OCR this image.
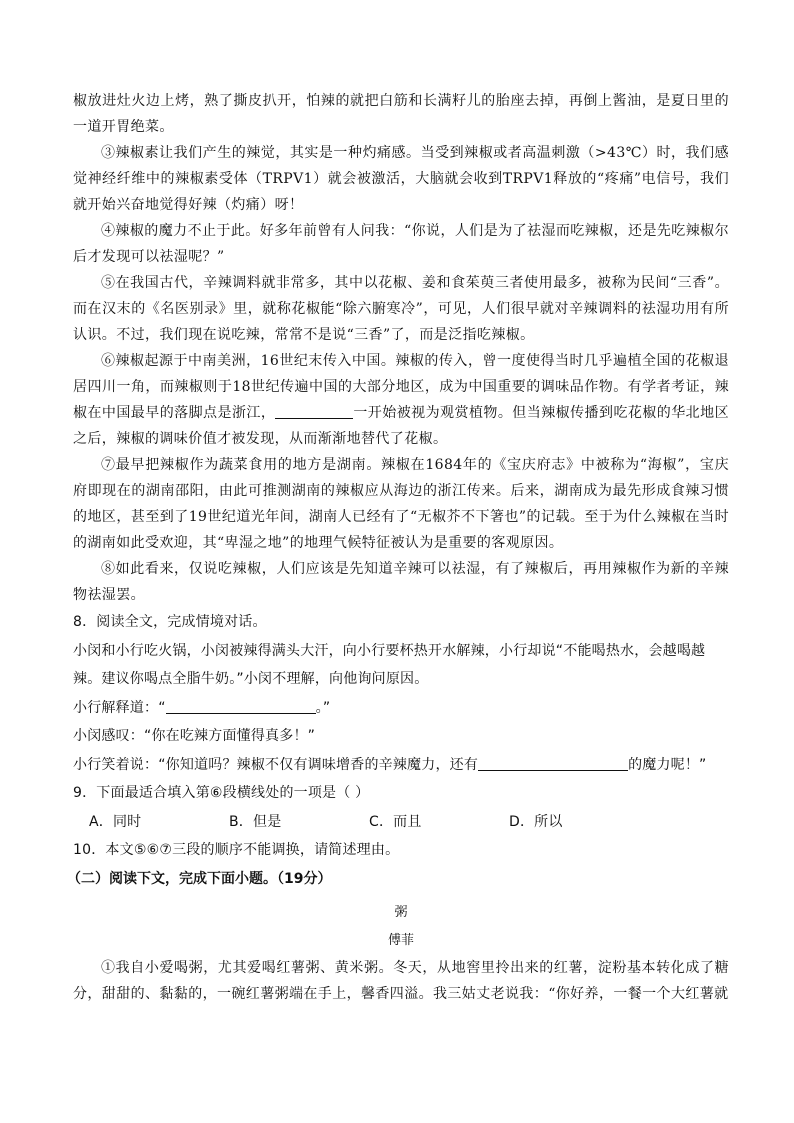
椒放进灶火边上烤，熟了撕皮扒开，怕辣的就把白筋和长满籽儿的胎座去掉，再倒上酱油，是夏日里的一道开胃绝菜。

③辣椒素让我们产生的辣觉，其实是一种灼痛感。当受到辣椒或者高温刺激（>43℃）时，我们感觉神经纤维中的辣椒素受体（TRPV1）就会被激活，大脑就会收到TRPV1释放的“疼痛”电信号，我们就开始兴奋地觉得好辣（灼痛）呀！

④辣椒的魔力不止于此。好多年前曾有人问我：“你说，人们是为了祛湿而吃辣椒，还是先吃辣椒尔后才发现可以祛湿呢？”

⑤在我国古代，辛辣调料就非常多，其中以花椒、姜和食茱萸三者使用最多，被称为民间“三香”。而在汉末的《名医别录》里，就称花椒能“除六腑寒冷”，可见，人们很早就对辛辣调料的祛湿功用有所认识。不过，我们现在说吃辣，常常不是说“三香”了，而是泛指吃辣椒。

⑥辣椒起源于中南美洲，16世纪末传入中国。辣椒的传入，曾一度使得当时几乎遍植全国的花椒退居四川一角，而辣椒则于18世纪传遍中国的大部分地区，成为中国重要的调味品作物。有学者考证，辣椒在中国最早的落脚点是浙江，	一开始被视为观赏植物。但当辣椒传播到吃花椒的华北地区之后，辣椒的调味价值才被发现，从而渐渐地替代了花椒。

⑦最早把辣椒作为蔬菜食用的地方是湖南。辣椒在1684年的《宝庆府志》中被称为“海椒”，宝庆府即现在的湖南邵阳，由此可推测湖南的辣椒应从海边的浙江传来。后来，湖南成为最先形成食辣习惯的地区，甚至到了19世纪道光年间，湖南人已经有了“无椒芥不下箸也”的记载。至于为什么辣椒在当时的湖南如此受欢迎，其“卑湿之地”的地理气候特征被认为是重要的客观原因。

⑧如此看来，仅说吃辣椒，人们应该是先知道辛辣可以祛湿，有了辣椒后，再用辣椒作为新的辛辣物祛湿罢。

8．阅读全文，完成情境对话。

小闵和小行吃火锅，小闵被辣得满头大汗，向小行要杯热开水解辣，小行却说“不能喝热水，会越喝越辣。建议你喝点全脂牛奶。”小闵不理解，向他询问原因。

小行解释道：“	。”

小闵感叹：“你在吃辣方面懂得真多！”

小行笑着说：“你知道吗？辣椒不仅有调味增香的辛辣魔力，还有	的魔力呢！”

9．下面最适合填入第⑥段横线处的一项是（ ）

A．同时	B．但是	C．而且	D．所以

10．本文⑤⑥⑦三段的顺序不能调换，请简述理由。

（二）阅读下文，完成下面小题。（19分）

粥

傅菲

①我自小爱喝粥，尤其爱喝红薯粥、黄米粥。冬天，从地窖里拎出来的红薯，淀粉基本转化成了糖分，甜甜的、黏黏的，一碗红薯粥端在手上，馨香四溢。我三姑丈老说我：“你好养，一餐一个大红薯就
